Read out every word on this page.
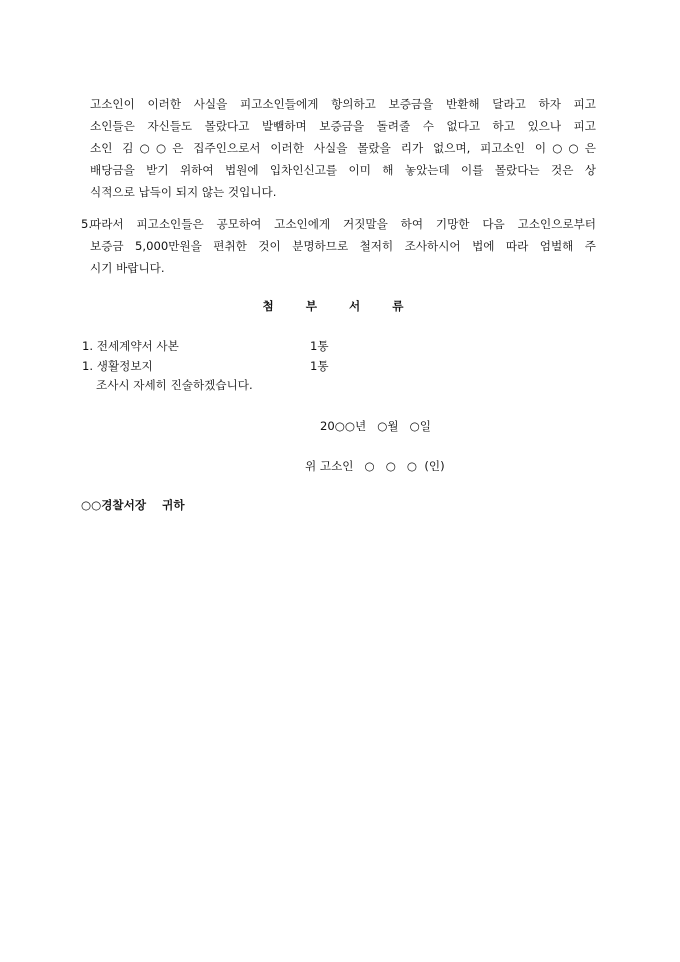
고소인이 이러한 사실을 피고소인들에게 항의하고 보증금을 반환해 달라고 하자 피고
소인들은 자신들도 몰랐다고 발뺌하며 보증금을 돌려줄 수 없다고 하고 있으나 피고
소인 김○○은 집주인으로서 이러한 사실을 몰랐을 리가 없으며, 피고소인 이○○은
배당금을 받기 위하여 법원에 입차인신고를 이미 해 놓았는데 이를 몰랐다는 것은 상
식적으로 납득이 되지 않는 것입니다.

5.

따라서 피고소인들은 공모하여 고소인에게 거짓말을 하여 기망한 다음 고소인으로부터
보증금 5,000만원을 편취한 것이 분명하므로 철저히 조사하시어 법에 따라 엄벌해 주
시기 바랍니다.

첨 부 서 류
1. 전세계약서 사본	1통
1. 생활정보지	1통
조사시 자세히 진술하겠습니다.
20○○년   ○월   ○일
위 고소인   ○   ○   ○  (인)
○○경찰서장    귀하
